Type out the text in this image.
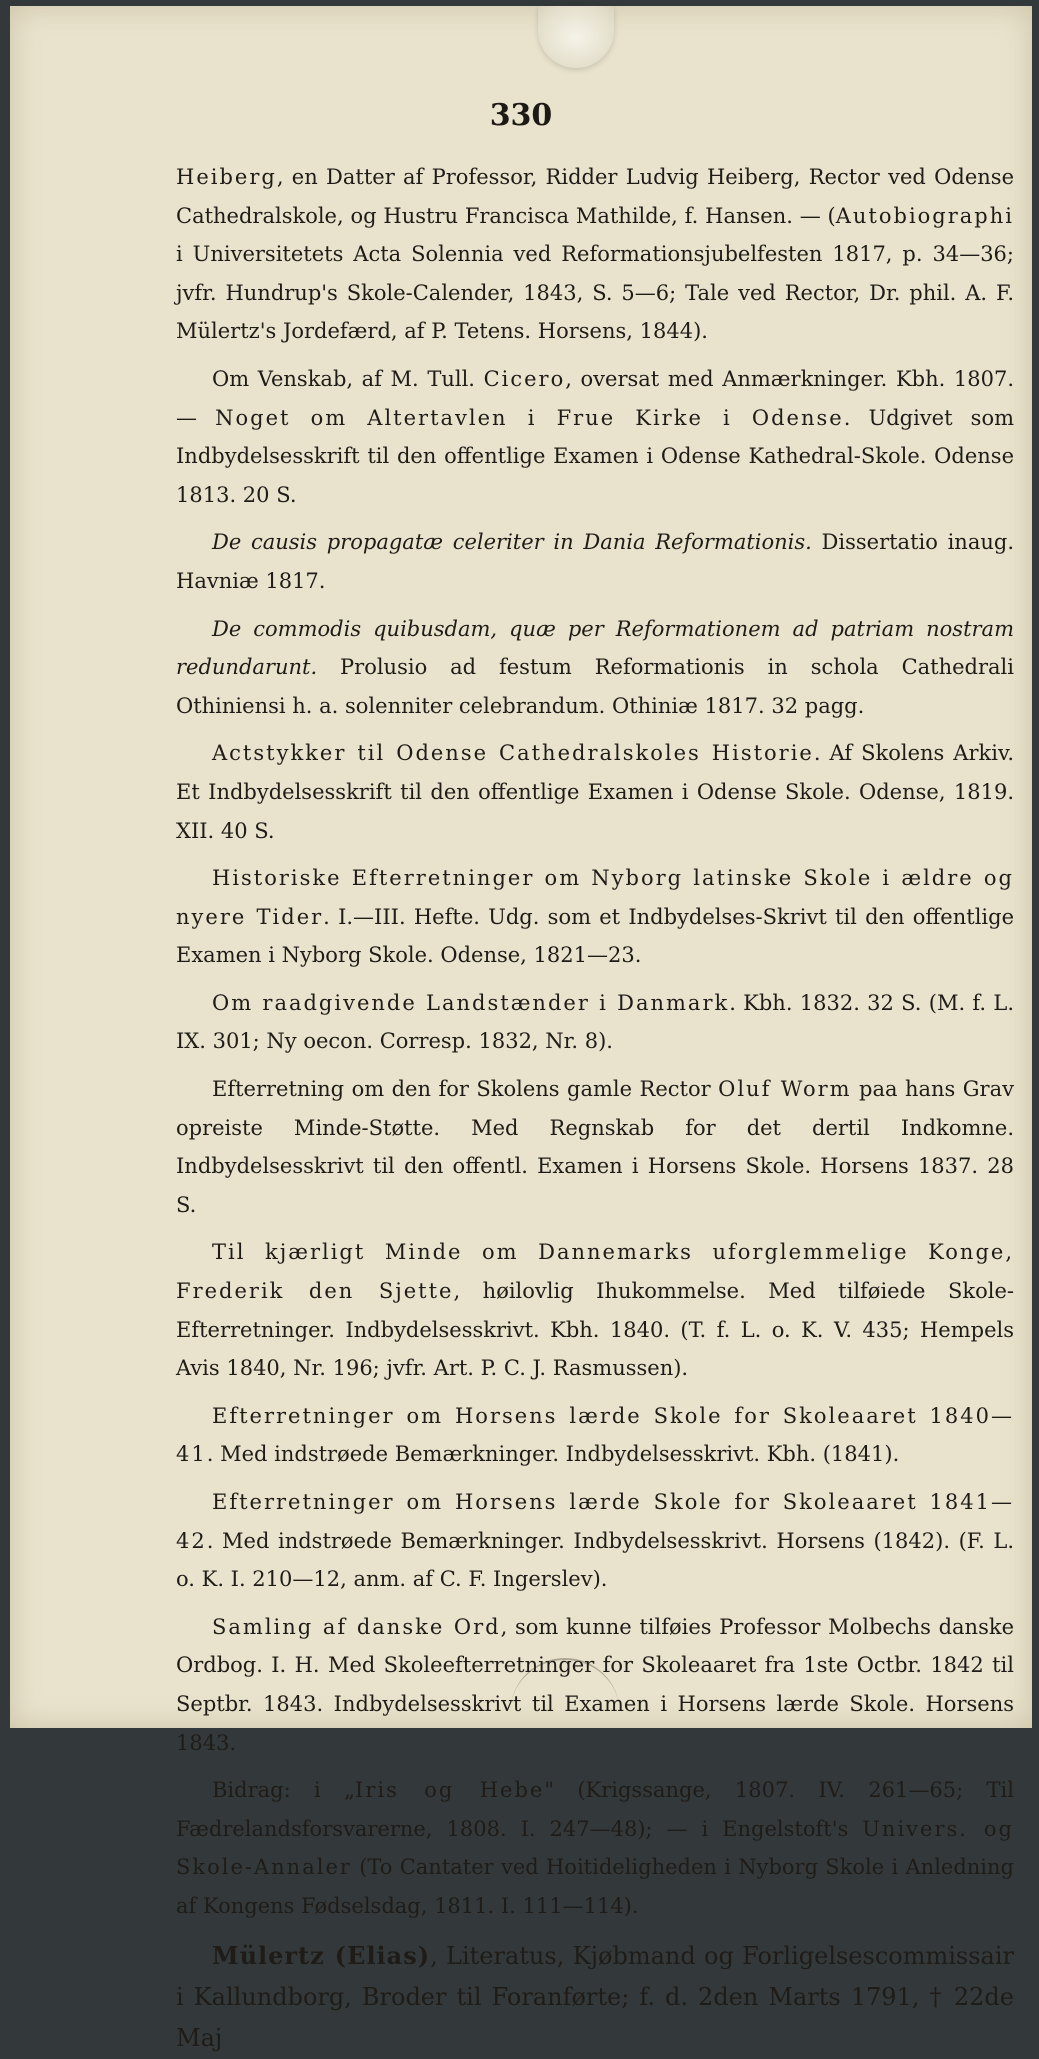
330

Heiberg, en Datter af Professor, Ridder Ludvig Heiberg, Rector ved Odense Cathedralskole, og Hustru Francisca Mathilde, f. Hansen. — (Autobiographi i Universitetets Acta Solennia ved Reformationsjubelfesten 1817, p. 34—36; jvfr. Hundrup's Skole-Calender, 1843, S. 5—6; Tale ved Rector, Dr. phil. A. F. Mülertz's Jordefærd, af P. Tetens. Horsens, 1844).

Om Venskab, af M. Tull. Cicero, oversat med Anmærkninger. Kbh. 1807. — Noget om Altertavlen i Frue Kirke i Odense. Udgivet som Indbydelsesskrift til den offentlige Examen i Odense Kathedral-Skole. Odense 1813. 20 S.

De causis propagatæ celeriter in Dania Reformationis. Dissertatio inaug. Havniæ 1817.

De commodis quibusdam, quæ per Reformationem ad patriam nostram redundarunt. Prolusio ad festum Reformationis in schola Cathedrali Othiniensi h. a. solenniter celebrandum. Othiniæ 1817. 32 pagg.

Actstykker til Odense Cathedralskoles Historie. Af Skolens Arkiv. Et Indbydelsesskrift til den offentlige Examen i Odense Skole. Odense, 1819. XII. 40 S.

Historiske Efterretninger om Nyborg latinske Skole i ældre og nyere Tider. I.—III. Hefte. Udg. som et Indbydelses-Skrivt til den offentlige Examen i Nyborg Skole. Odense, 1821—23.

Om raadgivende Landstænder i Danmark. Kbh. 1832. 32 S. (M. f. L. IX. 301; Ny oecon. Corresp. 1832, Nr. 8).

Efterretning om den for Skolens gamle Rector Oluf Worm paa hans Grav opreiste Minde-Støtte. Med Regnskab for det dertil Indkomne. Indbydelsesskrivt til den offentl. Examen i Horsens Skole. Horsens 1837. 28 S.

Til kjærligt Minde om Dannemarks uforglemmelige Konge, Frederik den Sjette, høilovlig Ihukommelse. Med tilføiede Skole-Efterretninger. Indbydelsesskrivt. Kbh. 1840. (T. f. L. o. K. V. 435; Hempels Avis 1840, Nr. 196; jvfr. Art. P. C. J. Rasmussen).

Efterretninger om Horsens lærde Skole for Skoleaaret 1840—41. Med indstrøede Bemærkninger. Indbydelsesskrivt. Kbh. (1841).

Efterretninger om Horsens lærde Skole for Skoleaaret 1841—42. Med indstrøede Bemærkninger. Indbydelsesskrivt. Horsens (1842). (F. L. o. K. I. 210—12, anm. af C. F. Ingerslev).

Samling af danske Ord, som kunne tilføies Professor Molbechs danske Ordbog. I. H. Med Skoleefterretninger for Skoleaaret fra 1ste Octbr. 1842 til Septbr. 1843. Indbydelsesskrivt til Examen i Horsens lærde Skole. Horsens 1843.

Bidrag: i „Iris og Hebe" (Krigssange, 1807. IV. 261—65; Til Fædrelandsforsvarerne, 1808. I. 247—48); — i Engelstoft's Univers. og Skole-Annaler (To Cantater ved Hoitideligheden i Nyborg Skole i Anledning af Kongens Fødselsdag, 1811. I. 111—114).

Mülertz (Elias), Literatus, Kjøbmand og Forligelsescommissair i Kallundborg, Broder til Foranførte; f. d. 2den Marts 1791, † 22de Maj
